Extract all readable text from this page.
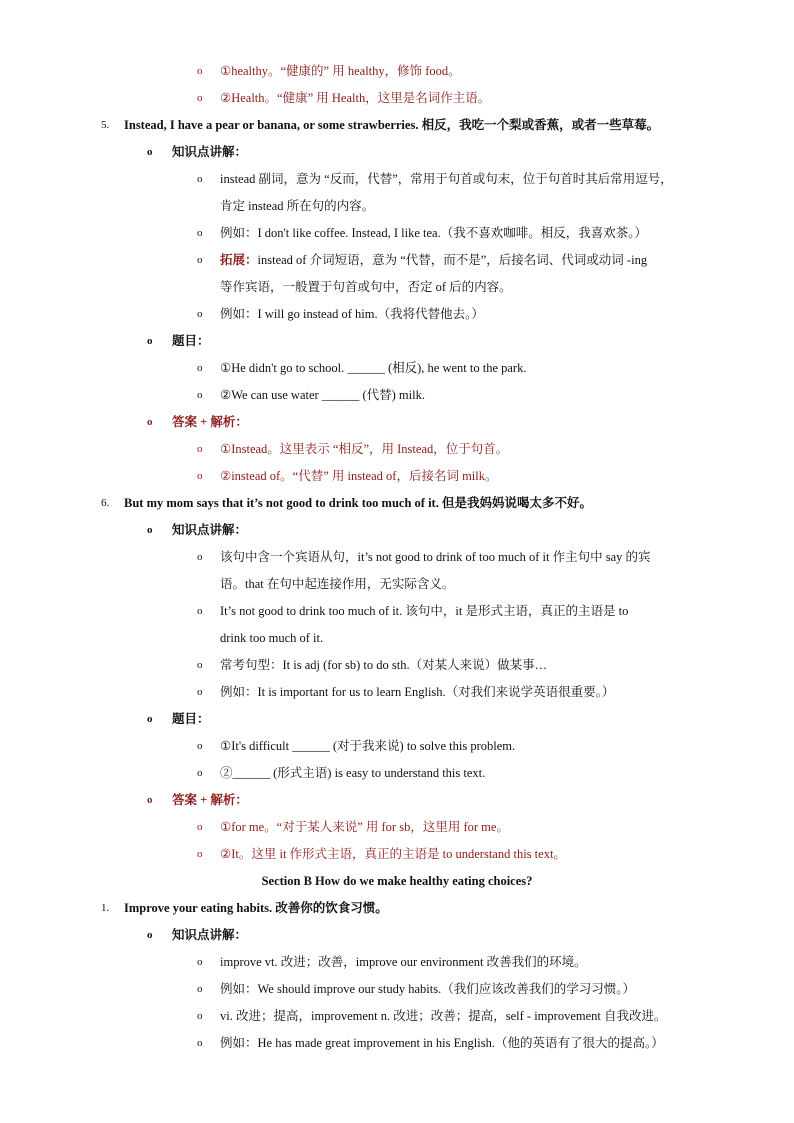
o ①healthy。“健康的” 用 healthy，修饰 food。
o ②Health。“健康” 用 Health，这里是名词作主语。
5. Instead, I have a pear or banana, or some strawberries. 相反，我吃一个梨或香蕉，或者一些草莓。
o 知识点讲解：
o instead 副词，意为 “反而，代替”，常用于句首或句末，位于句首时其后常用逗号，
肯定 instead 所在句的内容。
o 例如：I don't like coffee. Instead, I like tea.（我不喜欢咖啡。相反，我喜欢茶。）
o 拓展：instead of 介词短语，意为 “代替，而不是”，后接名词、代词或动词 -ing
等作宾语，一般置于句首或句中，否定 of 后的内容。
o 例如：I will go instead of him.（我将代替他去。）
o 题目：
o ①He didn't go to school. ______ (相反), he went to the park.
o ②We can use water ______ (代替) milk.
o 答案 + 解析：
o ①Instead。这里表示 “相反”，用 Instead，位于句首。
o ②instead of。“代替” 用 instead of，后接名词 milk。
6. But my mom says that it’s not good to drink too much of it. 但是我妈妈说喝太多不好。
o 知识点讲解：
o 该句中含一个宾语从句，it’s not good to drink of too much of it 作主句中 say 的宾
语。that 在句中起连接作用，无实际含义。
o It’s not good to drink too much of it. 该句中，it 是形式主语，真正的主语是 to
drink too much of it.
o 常考句型：It is adj (for sb) to do sth.（对某人来说）做某事…
o 例如：It is important for us to learn English.（对我们来说学英语很重要。）
o 题目：
o ①It's difficult ______ (对于我来说) to solve this problem.
o ②______ (形式主语) is easy to understand this text.
o 答案 + 解析：
o ①for me。“对于某人来说” 用 for sb，这里用 for me。
o ②It。这里 it 作形式主语，真正的主语是 to understand this text。
Section B How do we make healthy eating choices?
1. Improve your eating habits. 改善你的饮食习惯。
o 知识点讲解：
o improve vt. 改进；改善，improve our environment 改善我们的环境。
o 例如：We should improve our study habits.（我们应该改善我们的学习习惯。）
o vi. 改进；提高，improvement n. 改进；改善；提高，self - improvement 自我改进。
o 例如：He has made great improvement in his English.（他的英语有了很大的提高。）
